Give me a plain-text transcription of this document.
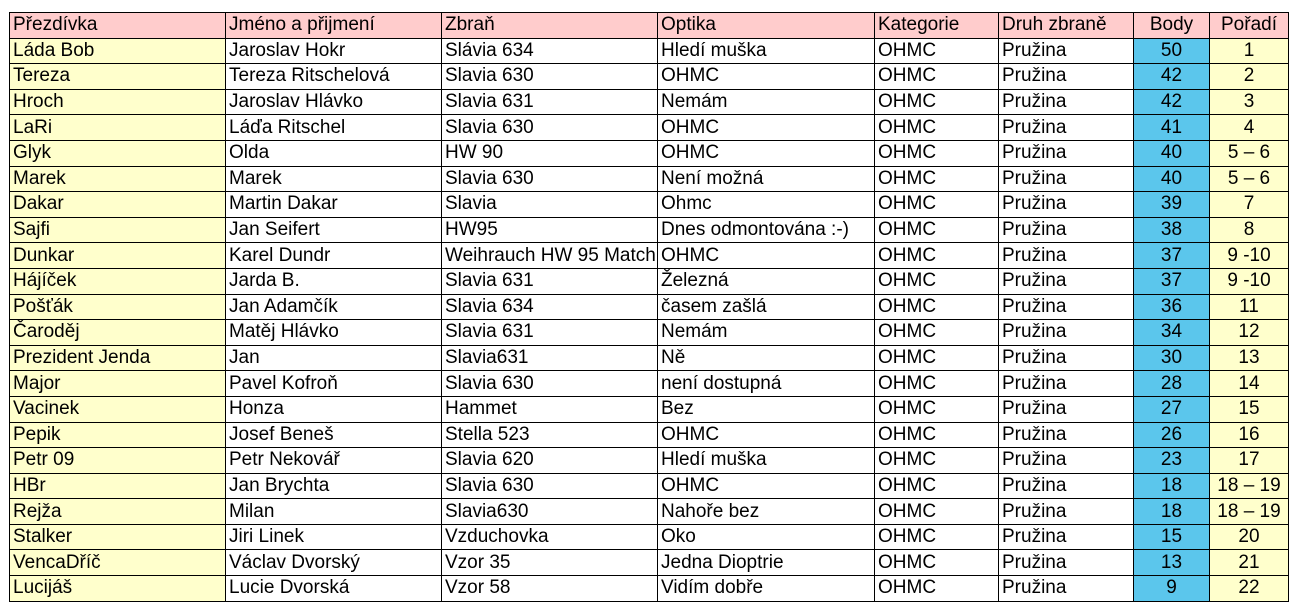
Přezdívka	Jméno a přijmení	Zbraň	Optika	Kategorie	Druh zbraně	Body	Pořadí
Láda Bob	Jaroslav Hokr	Slávia 634	Hledí muška	OHMC	Pružina	50	1
Tereza	Tereza Ritschelová	Slavia 630	OHMC	OHMC	Pružina	42	2
Hroch	Jaroslav Hlávko	Slavia 631	Nemám	OHMC	Pružina	42	3
LaRi	Láďa Ritschel	Slavia 630	OHMC	OHMC	Pružina	41	4
Glyk	Olda	HW 90	OHMC	OHMC	Pružina	40	5 – 6
Marek	Marek	Slavia 630	Není možná	OHMC	Pružina	40	5 – 6
Dakar	Martin Dakar	Slavia	Ohmc	OHMC	Pružina	39	7
Sajfi	Jan Seifert	HW95	Dnes odmontována :-)	OHMC	Pružina	38	8
Dunkar	Karel Dundr	Weihrauch HW 95 Match	OHMC	OHMC	Pružina	37	9 -10
Hájíček	Jarda B.	Slavia 631	Železná	OHMC	Pružina	37	9 -10
Pošťák	Jan Adamčík	Slavia 634	časem zašlá	OHMC	Pružina	36	11
Čaroděj	Matěj Hlávko	Slavia 631	Nemám	OHMC	Pružina	34	12
Prezident Jenda	Jan	Slavia631	Ně	OHMC	Pružina	30	13
Major	Pavel Kofroň	Slavia 630	není dostupná	OHMC	Pružina	28	14
Vacinek	Honza	Hammet	Bez	OHMC	Pružina	27	15
Pepik	Josef Beneš	Stella 523	OHMC	OHMC	Pružina	26	16
Petr 09	Petr Nekovář	Slavia 620	Hledí muška	OHMC	Pružina	23	17
HBr	Jan Brychta	Slavia 630	OHMC	OHMC	Pružina	18	18 – 19
Rejža	Milan	Slavia630	Nahoře bez	OHMC	Pružina	18	18 – 19
Stalker	Jiri Linek	Vzduchovka	Oko	OHMC	Pružina	15	20
VencaDříč	Václav Dvorský	Vzor 35	Jedna Dioptrie	OHMC	Pružina	13	21
Lucijáš	Lucie Dvorská	Vzor 58	Vidím dobře	OHMC	Pružina	9	22
